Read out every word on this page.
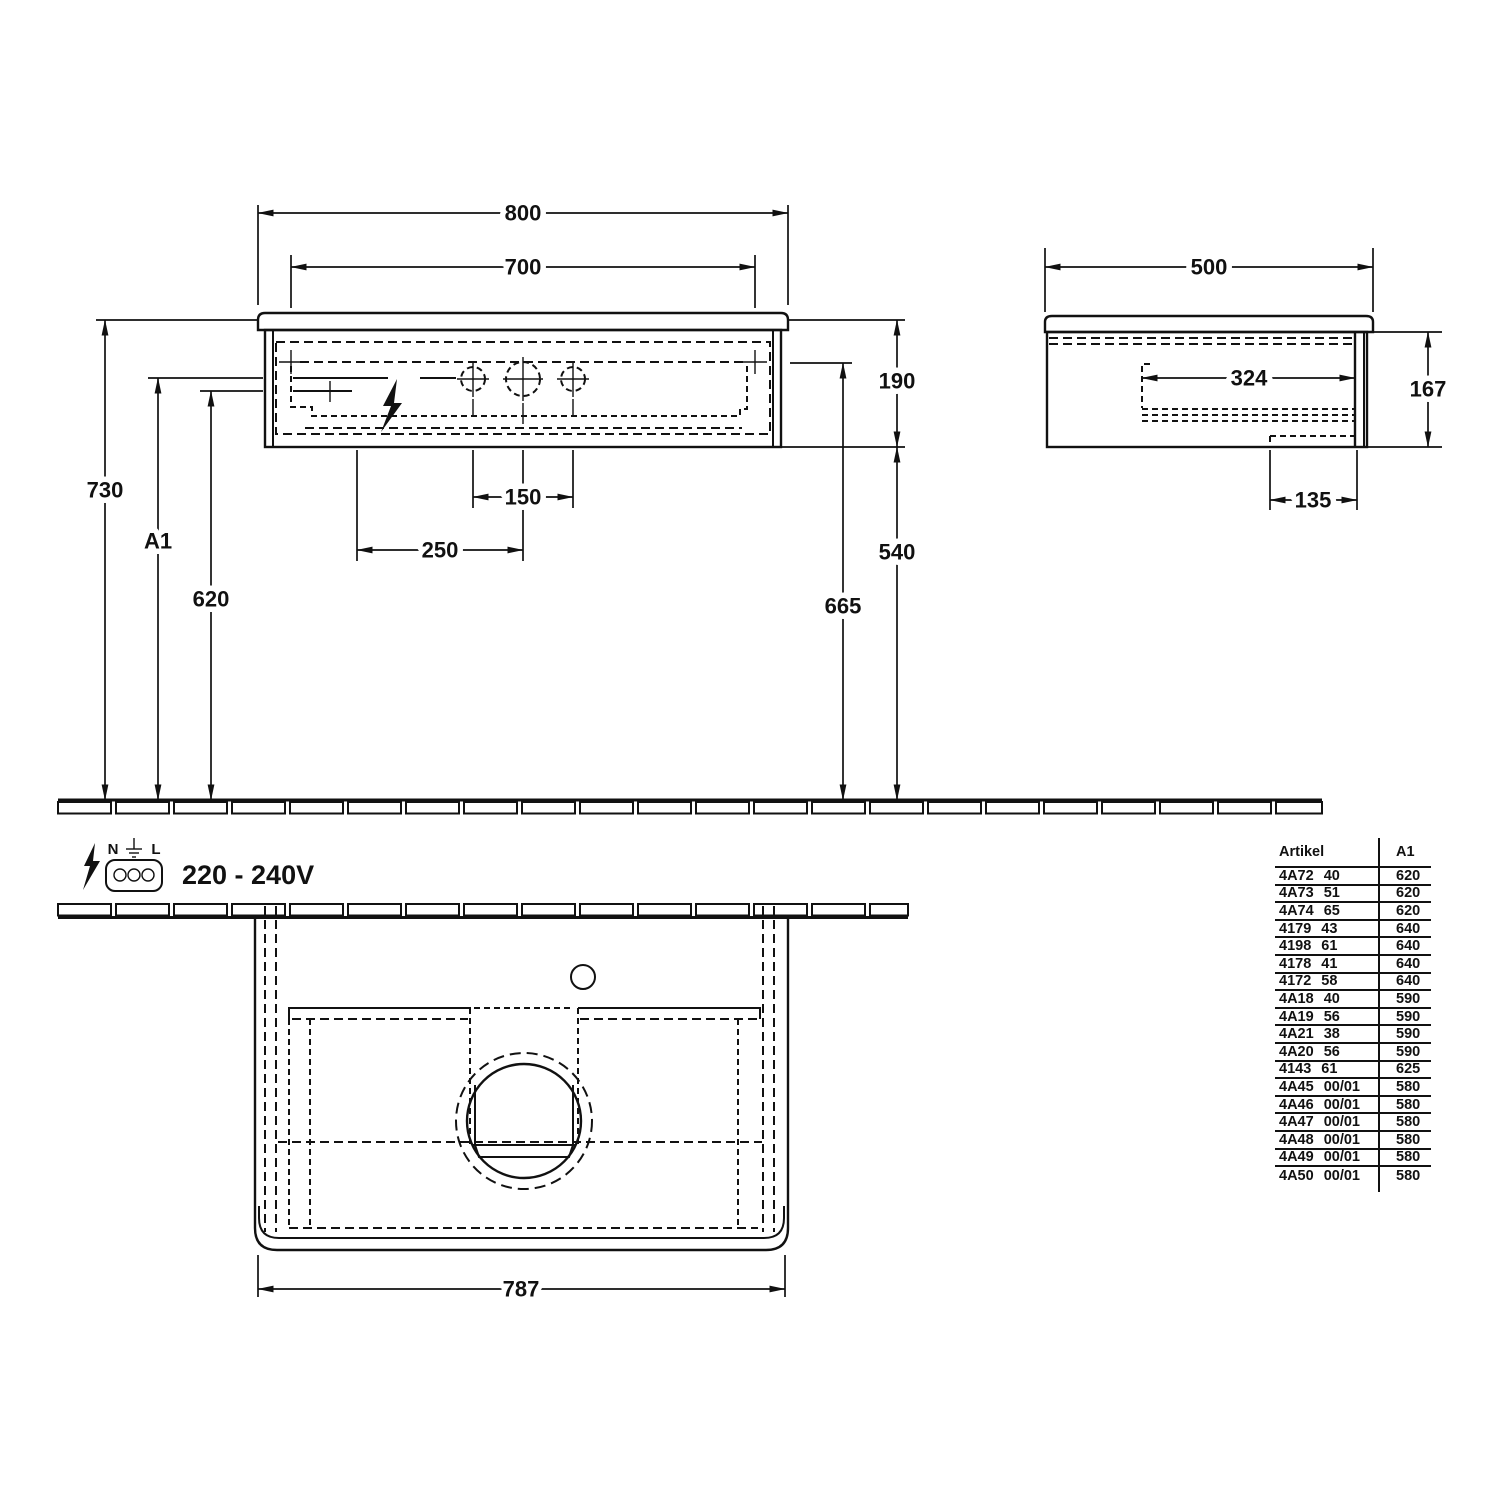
800
700
730
A1
620
190
540
665
150
250
500
324	167
135
787
N L
220 - 240V
Artikel	A1
4A72 40	620
4A73 51	620
4A74 65	620
4179 43	640
4198 61	640
4178 41	640
4172 58	640
4A18 40	590
4A19 56	590
4A21 38	590
4A20 56	590
4143 61	625
4A45 00/01	580
4A46 00/01	580
4A47 00/01	580
4A48 00/01	580
4A49 00/01	580
4A50 00/01	580
